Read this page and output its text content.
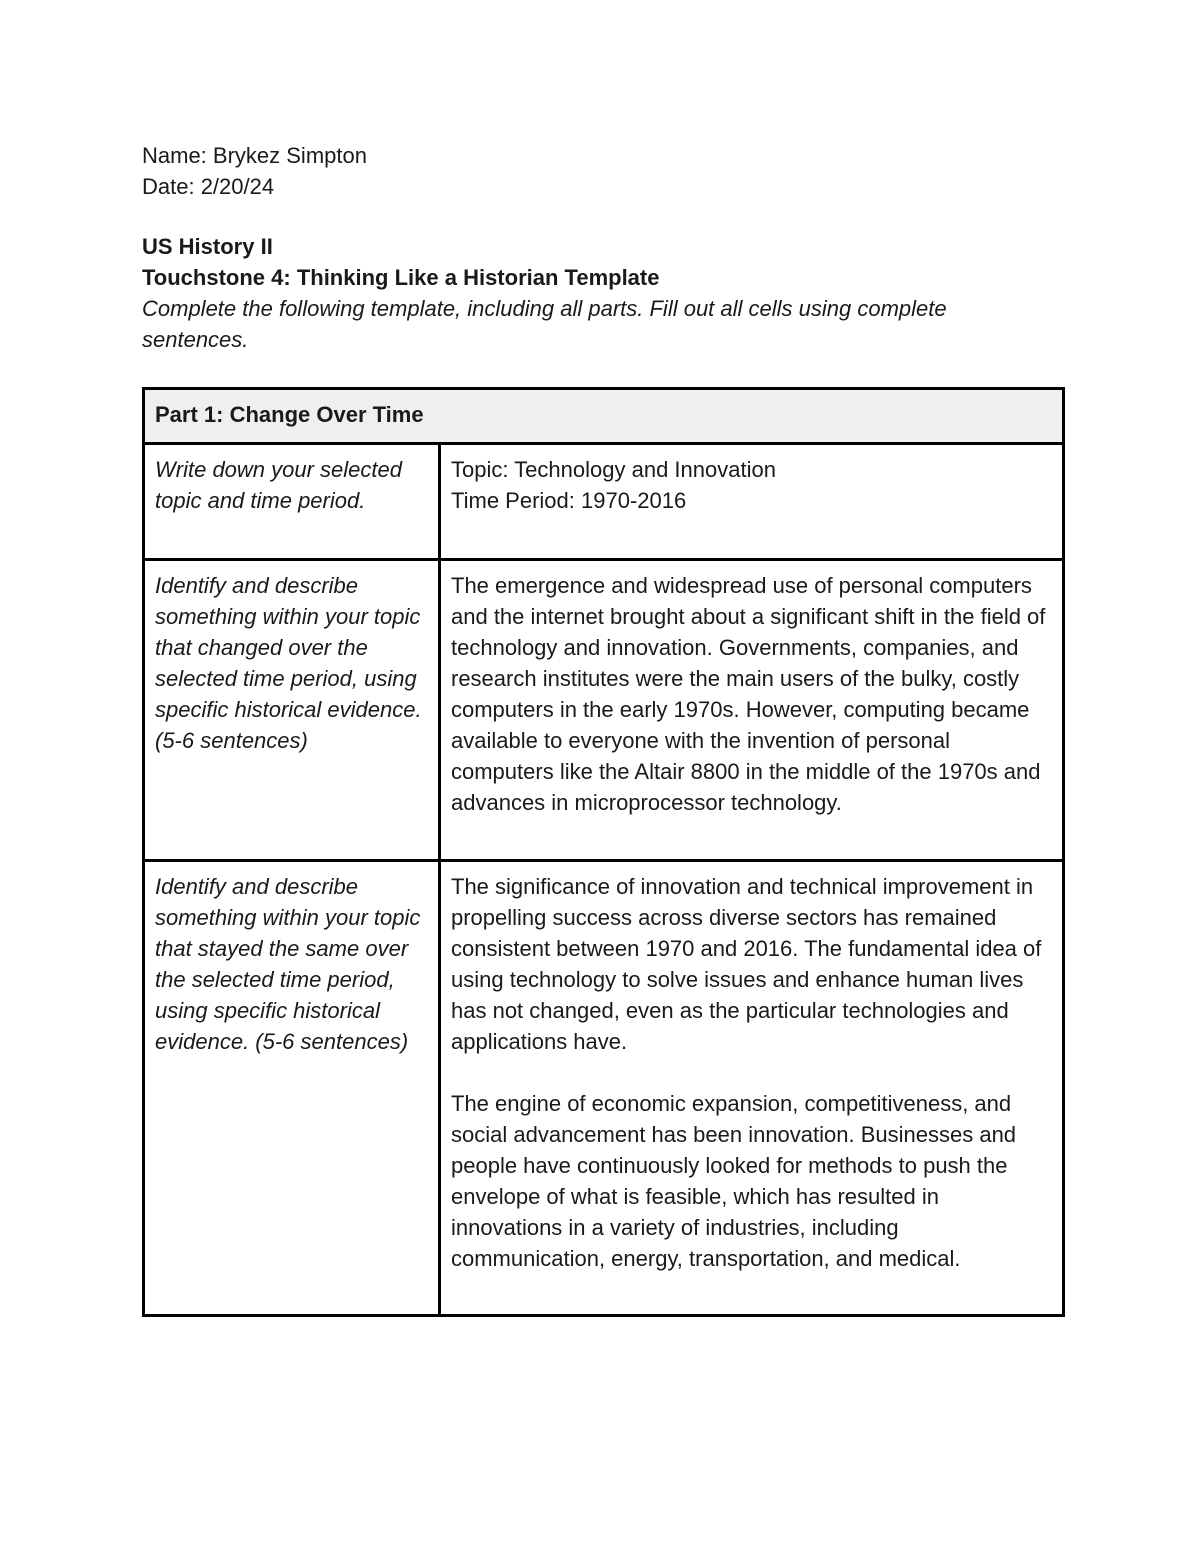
Name: Brykez Simpton
Date: 2/20/24
US History II
Touchstone 4: Thinking Like a Historian Template
Complete the following template, including all parts. Fill out all cells using complete sentences.
Part 1: Change Over Time	
Write down your selected topic and time period.	Topic: Technology and Innovation
Time Period: 1970-2016

Identify and describe something within your topic that changed over the selected time period, using specific historical evidence. (5-6 sentences)	The emergence and widespread use of personal computers and the internet brought about a significant shift in the field of technology and innovation. Governments, companies, and research institutes were the main users of the bulky, costly computers in the early 1970s. However, computing became available to everyone with the invention of personal computers like the Altair 8800 in the middle of the 1970s and advances in microprocessor technology.

Identify and describe something within your topic that stayed the same over the selected time period, using specific historical evidence. (5-6 sentences)	The significance of innovation and technical improvement in propelling success across diverse sectors has remained consistent between 1970 and 2016. The fundamental idea of using technology to solve issues and enhance human lives has not changed, even as the particular technologies and applications have.
The engine of economic expansion, competitiveness, and social advancement has been innovation. Businesses and people have continuously looked for methods to push the envelope of what is feasible, which has resulted in innovations in a variety of industries, including communication, energy, transportation, and medical.
